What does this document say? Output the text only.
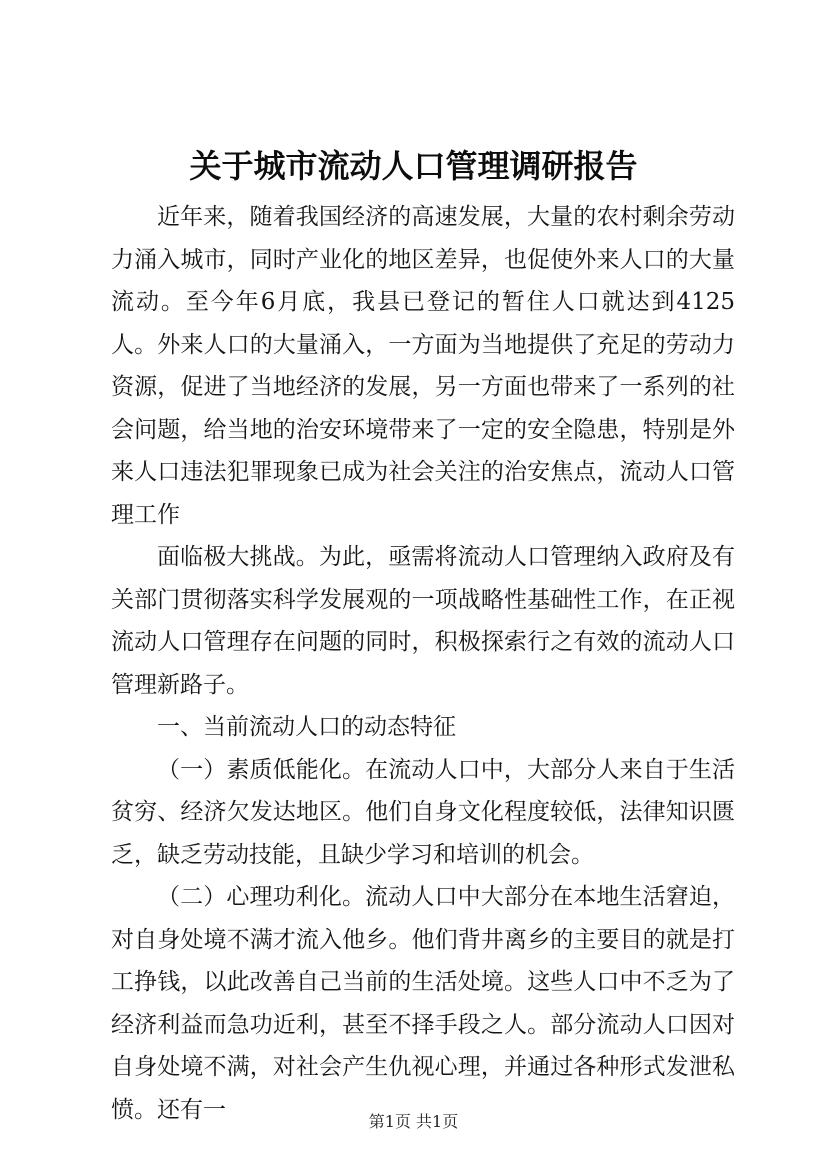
关于城市流动人口管理调研报告

近年来，随着我国经济的高速发展，大量的农村剩余劳动力涌入城市，同时产业化的地区差异，也促使外来人口的大量流动。至今年6月底，我县已登记的暂住人口就达到4125人。外来人口的大量涌入，一方面为当地提供了充足的劳动力资源，促进了当地经济的发展，另一方面也带来了一系列的社会问题，给当地的治安环境带来了一定的安全隐患，特别是外来人口违法犯罪现象已成为社会关注的治安焦点，流动人口管理工作

面临极大挑战。为此，亟需将流动人口管理纳入政府及有关部门贯彻落实科学发展观的一项战略性基础性工作，在正视流动人口管理存在问题的同时，积极探索行之有效的流动人口管理新路子。

一、当前流动人口的动态特征

（一）素质低能化。在流动人口中，大部分人来自于生活贫穷、经济欠发达地区。他们自身文化程度较低，法律知识匮乏，缺乏劳动技能，且缺少学习和培训的机会。

（二）心理功利化。流动人口中大部分在本地生活窘迫，对自身处境不满才流入他乡。他们背井离乡的主要目的就是打工挣钱，以此改善自己当前的生活处境。这些人口中不乏为了经济利益而急功近利，甚至不择手段之人。部分流动人口因对自身处境不满，对社会产生仇视心理，并通过各种形式发泄私愤。还有一	第1页 共1页
